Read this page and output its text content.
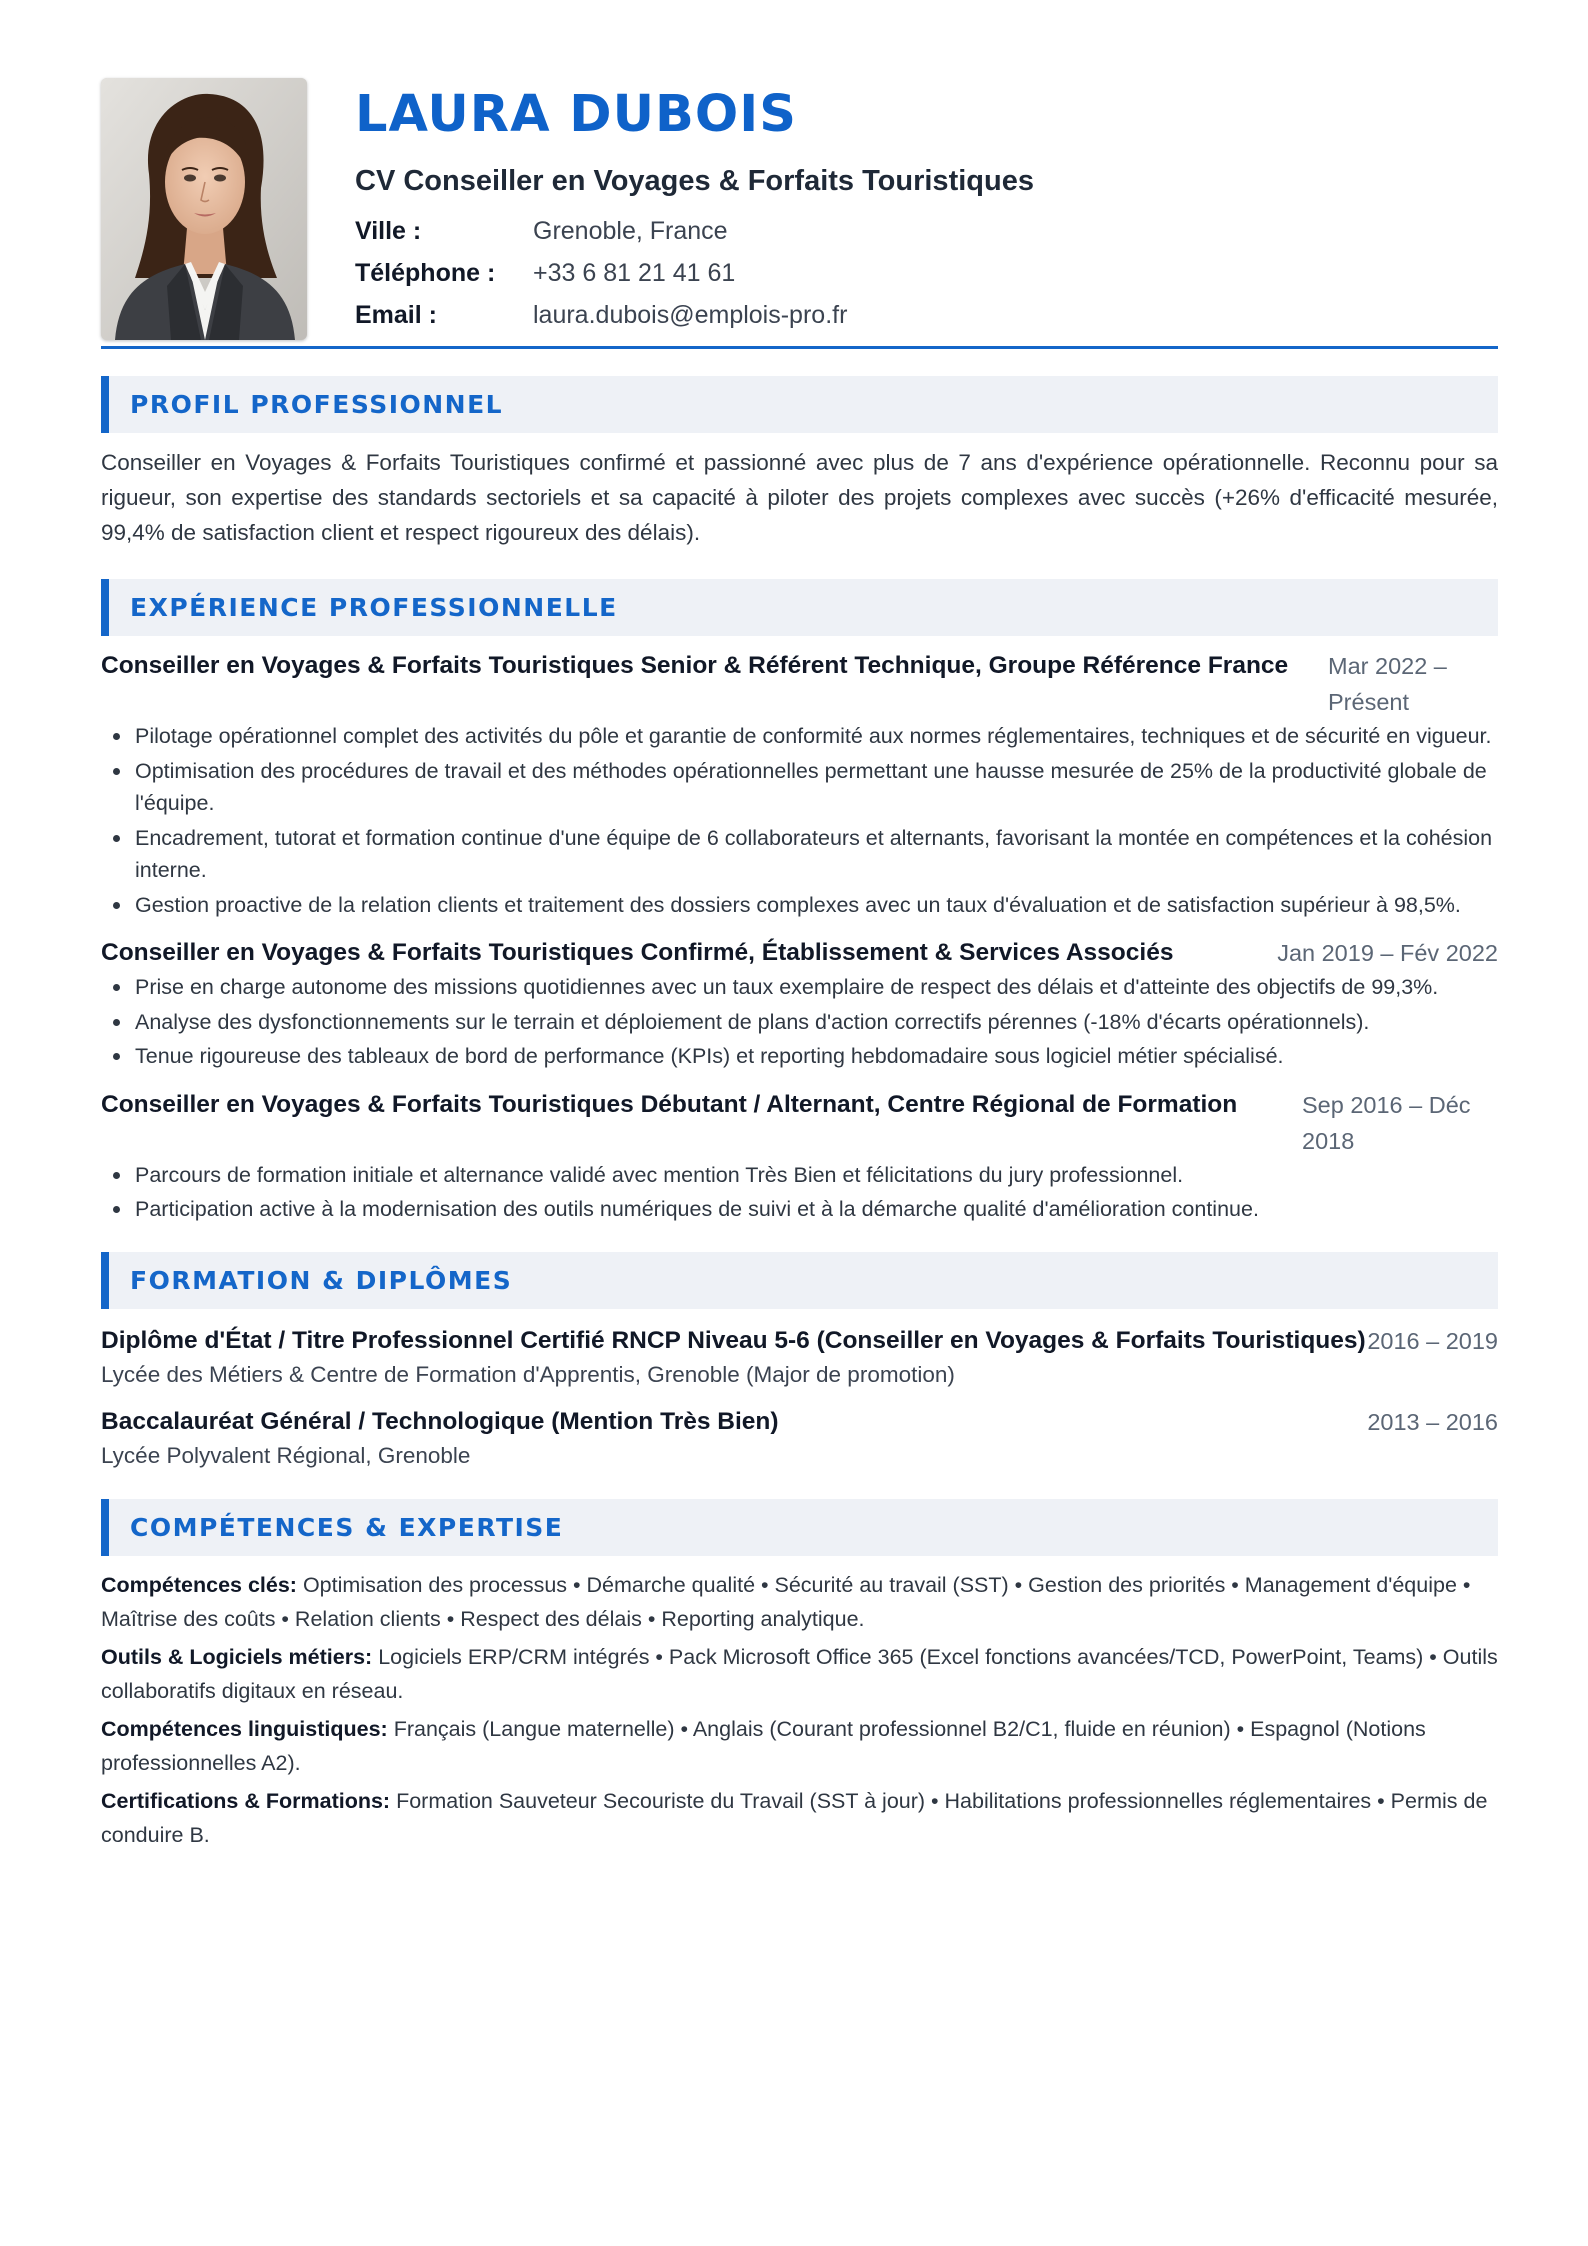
LAURA DUBOIS
CV Conseiller en Voyages & Forfaits Touristiques
Ville :	Grenoble, France
Téléphone :	+33 6 81 21 41 61
Email :	laura.dubois@emplois-pro.fr
PROFIL PROFESSIONNEL
Conseiller en Voyages & Forfaits Touristiques confirmé et passionné avec plus de 7 ans d'expérience opérationnelle. Reconnu pour sa rigueur, son expertise des standards sectoriels et sa capacité à piloter des projets complexes avec succès (+26% d'efficacité mesurée, 99,4% de satisfaction client et respect rigoureux des délais).
EXPÉRIENCE PROFESSIONNELLE
Conseiller en Voyages & Forfaits Touristiques Senior & Référent Technique, Groupe Référence France Mar 2022 – Présent
Pilotage opérationnel complet des activités du pôle et garantie de conformité aux normes réglementaires, techniques et de sécurité en vigueur.
Optimisation des procédures de travail et des méthodes opérationnelles permettant une hausse mesurée de 25% de la productivité globale de l'équipe.
Encadrement, tutorat et formation continue d'une équipe de 6 collaborateurs et alternants, favorisant la montée en compétences et la cohésion interne.
Gestion proactive de la relation clients et traitement des dossiers complexes avec un taux d'évaluation et de satisfaction supérieur à 98,5%.
Conseiller en Voyages & Forfaits Touristiques Confirmé, Établissement & Services Associés	Jan 2019 – Fév 2022
Prise en charge autonome des missions quotidiennes avec un taux exemplaire de respect des délais et d'atteinte des objectifs de 99,3%.
Analyse des dysfonctionnements sur le terrain et déploiement de plans d'action correctifs pérennes (-18% d'écarts opérationnels).
Tenue rigoureuse des tableaux de bord de performance (KPIs) et reporting hebdomadaire sous logiciel métier spécialisé.
Conseiller en Voyages & Forfaits Touristiques Débutant / Alternant, Centre Régional de Formation	Sep 2016 – Déc 2018
Parcours de formation initiale et alternance validé avec mention Très Bien et félicitations du jury professionnel.
Participation active à la modernisation des outils numériques de suivi et à la démarche qualité d'amélioration continue.
FORMATION & DIPLÔMES
Diplôme d'État / Titre Professionnel Certifié RNCP Niveau 5-6 (Conseiller en Voyages & Forfaits Touristiques) 2016 – 2019
Lycée des Métiers & Centre de Formation d'Apprentis, Grenoble (Major de promotion)
Baccalauréat Général / Technologique (Mention Très Bien)	2013 – 2016
Lycée Polyvalent Régional, Grenoble
COMPÉTENCES & EXPERTISE
Compétences clés: Optimisation des processus • Démarche qualité • Sécurité au travail (SST) • Gestion des priorités • Management d'équipe • Maîtrise des coûts • Relation clients • Respect des délais • Reporting analytique.
Outils & Logiciels métiers: Logiciels ERP/CRM intégrés • Pack Microsoft Office 365 (Excel fonctions avancées/TCD, PowerPoint, Teams) • Outils collaboratifs digitaux en réseau.
Compétences linguistiques: Français (Langue maternelle) • Anglais (Courant professionnel B2/C1, fluide en réunion) • Espagnol (Notions professionnelles A2).
Certifications & Formations: Formation Sauveteur Secouriste du Travail (SST à jour) • Habilitations professionnelles réglementaires • Permis de conduire B.
